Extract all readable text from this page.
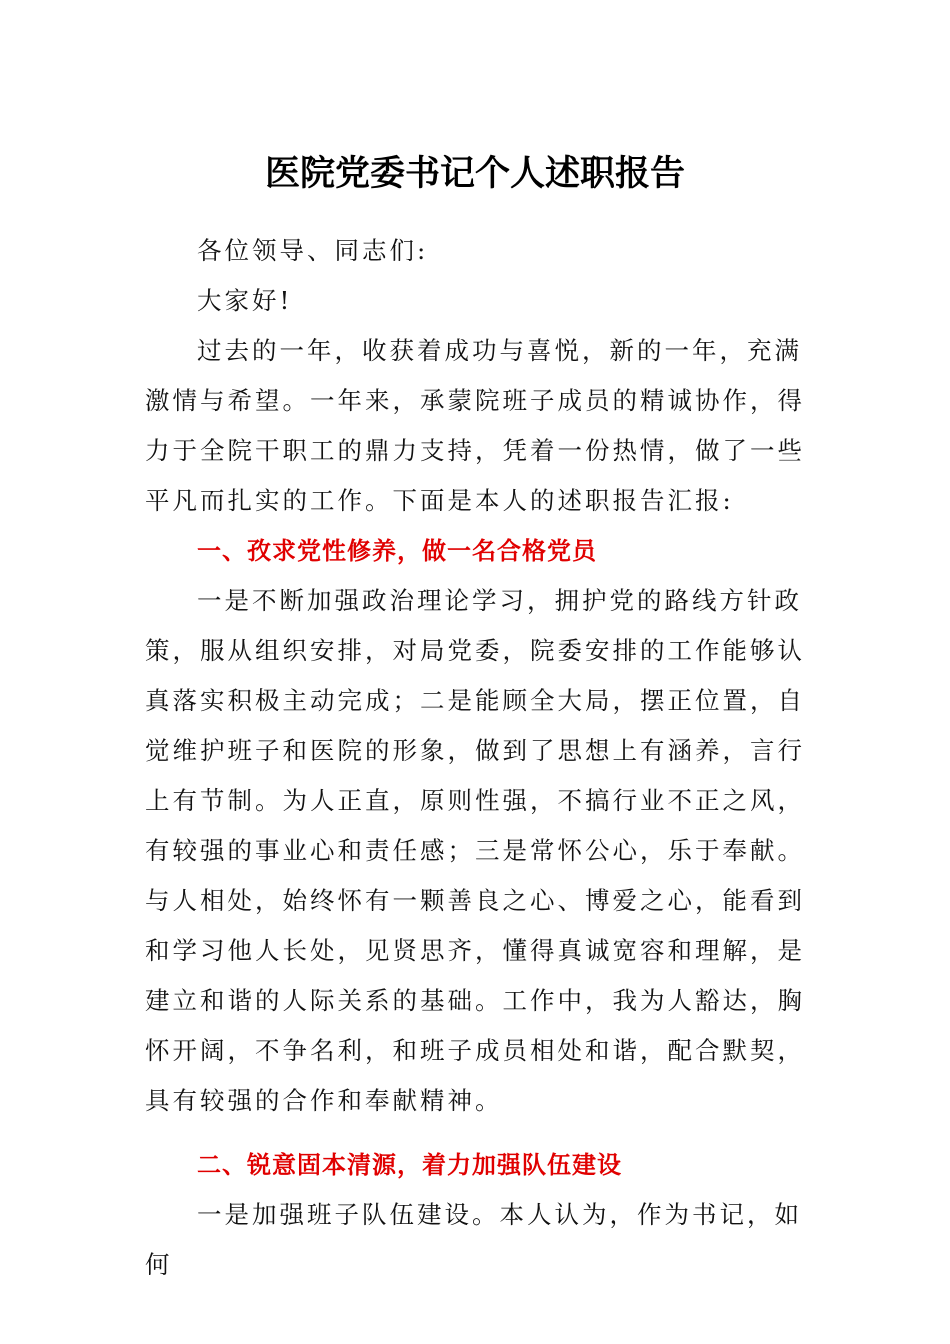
医院党委书记个人述职报告

各位领导、同志们:

大家好!

过去的一年，收获着成功与喜悦，新的一年，充满激情与希望。一年来，承蒙院班子成员的精诚协作，得力于全院干职工的鼎力支持，凭着一份热情，做了一些平凡而扎实的工作。下面是本人的述职报告汇报:

一、孜求党性修养，做一名合格党员

一是不断加强政治理论学习，拥护党的路线方针政策，服从组织安排，对局党委，院委安排的工作能够认真落实积极主动完成；二是能顾全大局，摆正位置，自觉维护班子和医院的形象，做到了思想上有涵养，言行上有节制。为人正直，原则性强，不搞行业不正之风，有较强的事业心和责任感；三是常怀公心，乐于奉献。与人相处，始终怀有一颗善良之心、博爱之心，能看到和学习他人长处，见贤思齐，懂得真诚宽容和理解，是建立和谐的人际关系的基础。工作中，我为人豁达，胸怀开阔，不争名利，和班子成员相处和谐，配合默契，具有较强的合作和奉献精神。

二、锐意固本清源，着力加强队伍建设

一是加强班子队伍建设。本人认为，作为书记，如何
